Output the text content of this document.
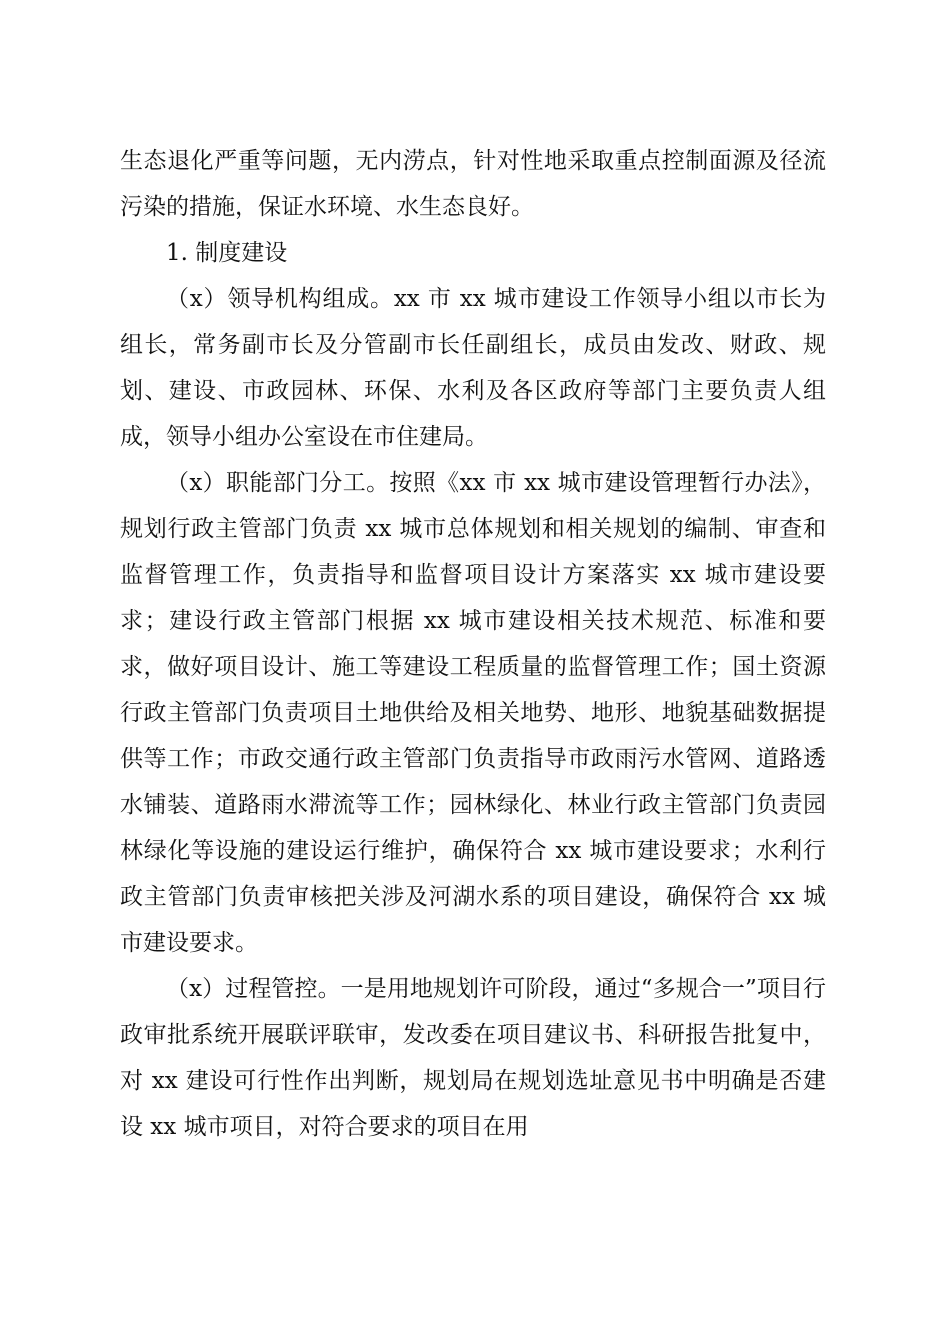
生态退化严重等问题，无内涝点，针对性地采取重点控制面源及径流污染的措施，保证水环境、水生态良好。

1. 制度建设

（x）领导机构组成。xx 市 xx 城市建设工作领导小组以市长为组长，常务副市长及分管副市长任副组长，成员由发改、财政、规划、建设、市政园林、环保、水利及各区政府等部门主要负责人组成，领导小组办公室设在市住建局。

（x）职能部门分工。按照《xx 市 xx 城市建设管理暂行办法》，规划行政主管部门负责 xx 城市总体规划和相关规划的编制、审查和监督管理工作，负责指导和监督项目设计方案落实 xx 城市建设要求；建设行政主管部门根据 xx 城市建设相关技术规范、标准和要求，做好项目设计、施工等建设工程质量的监督管理工作；国土资源行政主管部门负责项目土地供给及相关地势、地形、地貌基础数据提供等工作；市政交通行政主管部门负责指导市政雨污水管网、道路透水铺装、道路雨水滞流等工作；园林绿化、林业行政主管部门负责园林绿化等设施的建设运行维护，确保符合 xx 城市建设要求；水利行政主管部门负责审核把关涉及河湖水系的项目建设，确保符合 xx 城市建设要求。

（x）过程管控。一是用地规划许可阶段，通过“多规合一”项目行政审批系统开展联评联审，发改委在项目建议书、科研报告批复中，对 xx 建设可行性作出判断，规划局在规划选址意见书中明确是否建设 xx 城市项目，对符合要求的项目在用
